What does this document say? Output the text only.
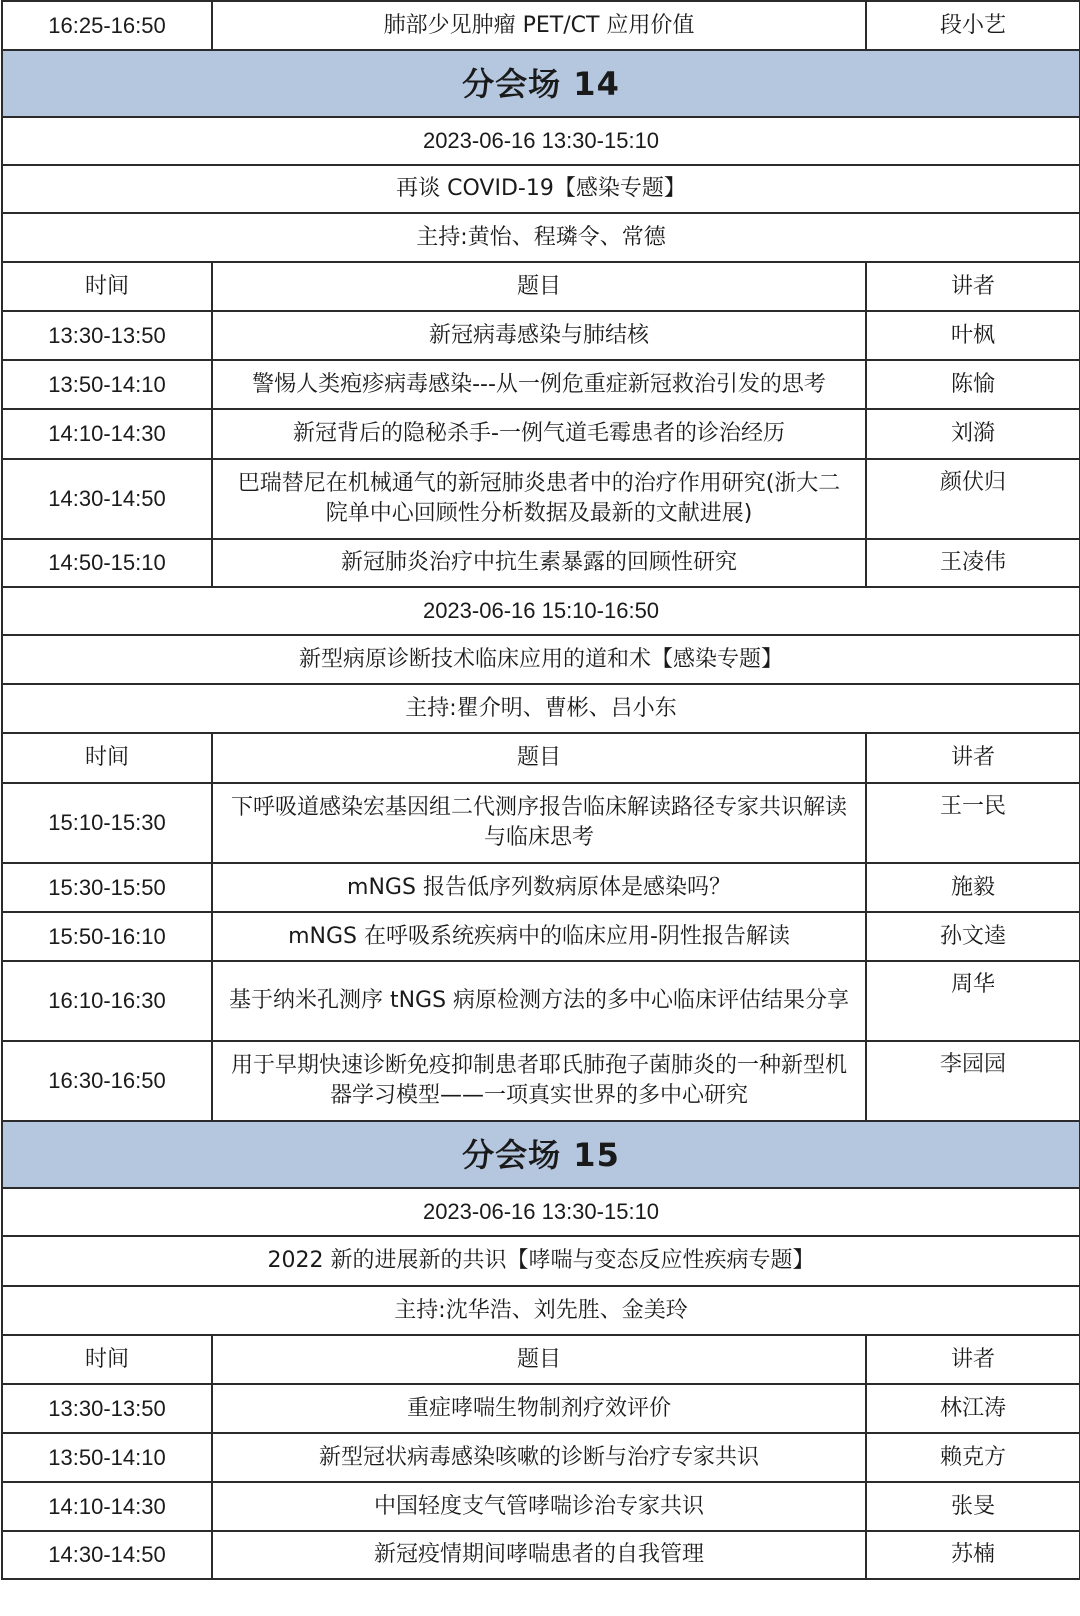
16:25-16:50	肺部少见肿瘤 PET/CT 应用价值	段小艺
分会场 14		
2023-06-16 13:30-15:10		
再谈 COVID-19【感染专题】		
主持:黄怡、程璘令、常德		
时间	题目	讲者
13:30-13:50	新冠病毒感染与肺结核	叶枫
13:50-14:10	警惕人类疱疹病毒感染---从一例危重症新冠救治引发的思考	陈愉
14:10-14:30	新冠背后的隐秘杀手-一例气道毛霉患者的诊治经历	刘漪
14:30-14:50	巴瑞替尼在机械通气的新冠肺炎患者中的治疗作用研究(浙大二院单中心回顾性分析数据及最新的文献进展)	颜伏归
14:50-15:10	新冠肺炎治疗中抗生素暴露的回顾性研究	王凌伟
2023-06-16 15:10-16:50		
新型病原诊断技术临床应用的道和术【感染专题】		
主持:瞿介明、曹彬、吕小东		
时间	题目	讲者
15:10-15:30	下呼吸道感染宏基因组二代测序报告临床解读路径专家共识解读与临床思考	王一民
15:30-15:50	mNGS 报告低序列数病原体是感染吗？	施毅
15:50-16:10	mNGS 在呼吸系统疾病中的临床应用-阴性报告解读	孙文逵
16:10-16:30	基于纳米孔测序 tNGS 病原检测方法的多中心临床评估结果分享	周华
16:30-16:50	用于早期快速诊断免疫抑制患者耶氏肺孢子菌肺炎的一种新型机器学习模型——一项真实世界的多中心研究	李园园
分会场 15		
2023-06-16 13:30-15:10		
2022 新的进展新的共识【哮喘与变态反应性疾病专题】		
主持:沈华浩、刘先胜、金美玲		
时间	题目	讲者
13:30-13:50	重症哮喘生物制剂疗效评价	林江涛
13:50-14:10	新型冠状病毒感染咳嗽的诊断与治疗专家共识	赖克方
14:10-14:30	中国轻度支气管哮喘诊治专家共识	张旻
14:30-14:50	新冠疫情期间哮喘患者的自我管理	苏楠
